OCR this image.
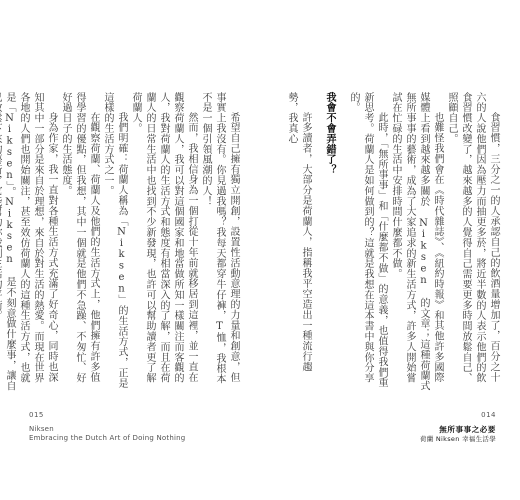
希望自己擁有獨立開創，設置性活動意理的力量和創意，但事實上我沒有。你見過我嗎？我每天都穿牛仔褲，T恤，我根本不是一個引領風潮的人！
然而，我相信身為一個打從十年前就移居到這裡，並一直在觀察荷蘭人，我可以對這個國家和地當做所知一樣關注而客觀的人，我對荷蘭人的生活方式和態度有相當深入的了解，而且在荷蘭人的日常生活中也找到不少新發現，也許可以幫助讀者更了解荷蘭人。
我們明確：荷蘭人稱為「Niksen」的生活方式，正是這樣的生活方式之一。
在觀察荷蘭、荷蘭人及他們的生活方式上，他們擁有許多值得學習的優點，但我想，其中一個就是他們不急躁、不匆忙、好好過日子的生活態度。
身為作家，我一直對各種生活方式充滿了好奇心，同時也深知其中一部分是來自於理想，來自於對生活的熱愛。而現在世界各地的人們也開始關注，甚至效仿荷蘭人的這種生活方式，也就是「Niksen」。Niksen 是不刻意做什麼事，讓自
015
Niksen
Embracing the Dutch Art of Doing Nothing
食習慣，三分之一的人承認自己的飲酒量增加了，百分之十六的人說他們因為壓力而抽更多菸，將近半數的人表示他們的飲食習慣改變了，越來越多的人覺得自己需要更多時間放鬆自己、照顧自己。
也難怪我們會在《時代雜誌》、《紐約時報》和其他許多國際媒體上看到越來越多關於 Niksen 的文章；這種荷蘭式無所事事的藝術，成為了大家追求的新生活方式，許多人開始嘗試在忙碌的生活中安排時間什麼都不做。
此時，「無所事事」和「什麼都不做」的意義，也值得我們重新思考。荷蘭人是如何做到的？這就是我想在這本書中與你分享的。
我會不會弄錯了？
許多讀者，大部分是荷蘭人，指稱我平空造出一種流行趨勢，我真心
014
無所事事之必要
荷蘭 Niksen 幸福生活學
